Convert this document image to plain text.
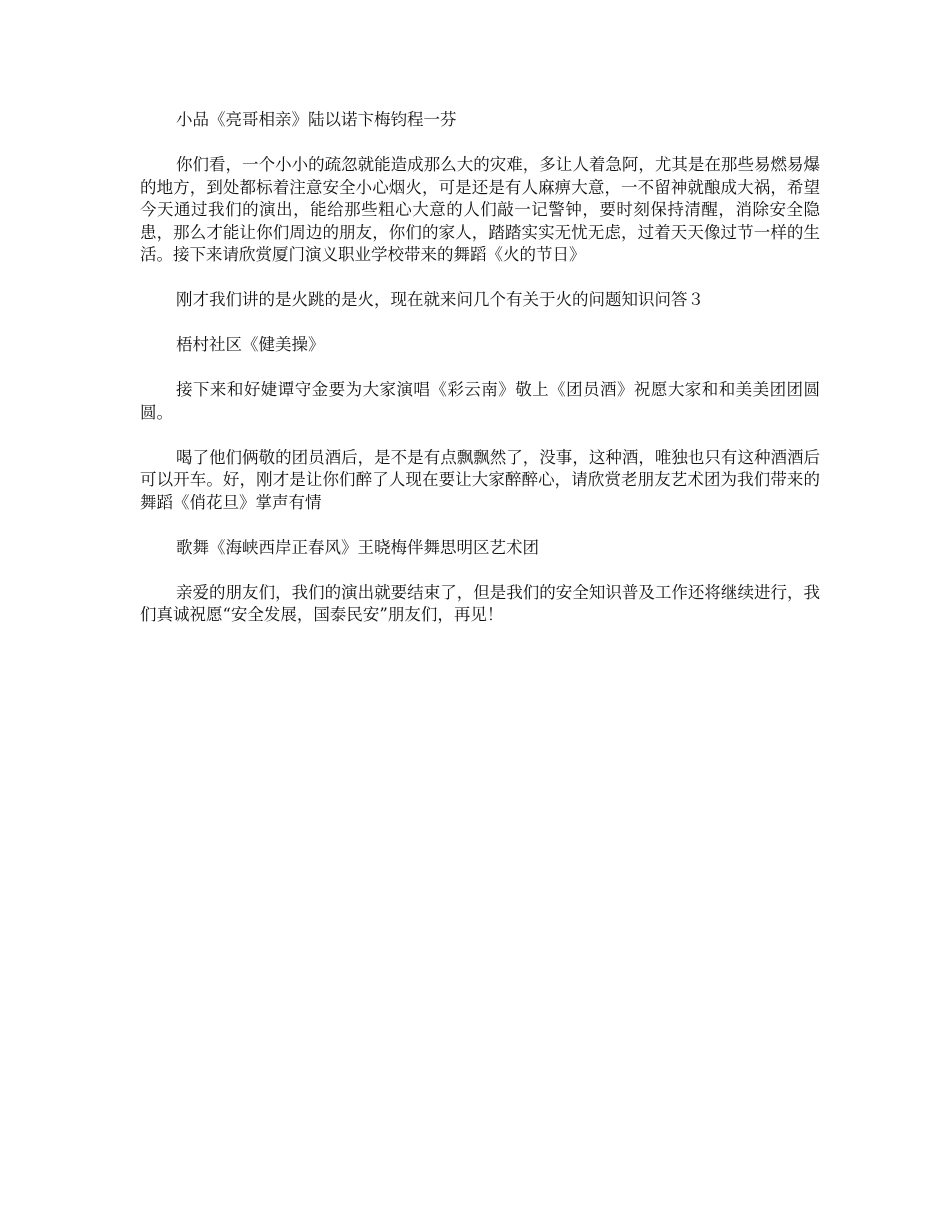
小品《亮哥相亲》陆以诺卞梅钧程一芬

你们看，一个小小的疏忽就能造成那么大的灾难，多让人着急阿，尤其是在那些易燃易爆的地方，到处都标着注意安全小心烟火，可是还是有人麻痹大意，一不留神就酿成大祸，希望今天通过我们的演出，能给那些粗心大意的人们敲一记警钟，要时刻保持清醒，消除安全隐患，那么才能让你们周边的朋友，你们的家人，踏踏实实无忧无虑，过着天天像过节一样的生活。接下来请欣赏厦门演义职业学校带来的舞蹈《火的节日》

刚才我们讲的是火跳的是火，现在就来问几个有关于火的问题知识问答３

梧村社区《健美操》

接下来和好婕谭守金要为大家演唱《彩云南》敬上《团员酒》祝愿大家和和美美团团圆圆。

喝了他们俩敬的团员酒后，是不是有点飘飘然了，没事，这种酒，唯独也只有这种酒酒后可以开车。好，刚才是让你们醉了人现在要让大家醉醉心，请欣赏老朋友艺术团为我们带来的舞蹈《俏花旦》掌声有情

歌舞《海峡西岸正春风》王晓梅伴舞思明区艺术团

亲爱的朋友们，我们的演出就要结束了，但是我们的安全知识普及工作还将继续进行，我们真诚祝愿“安全发展，国泰民安”朋友们，再见！
